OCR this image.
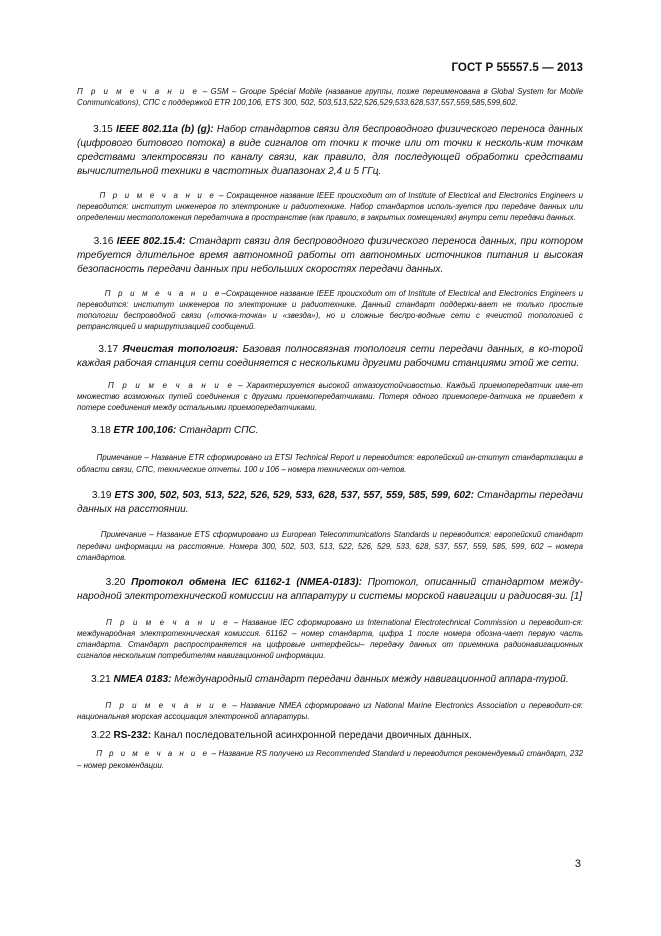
ГОСТ Р 55557.5 — 2013

П р и м е ч а н и е – GSM – Groupe Spécial Mobile (название группы, позже переименована в Global System for Mobile Communications), СПС с поддержкой ETR 100,106, ETS 300, 502, 503,513,522,526,529,533,628,537,557,559,585,599,602.

3.15 IEEE 802.11a (b) (g): Набор стандартов связи для беспроводного физического переноса данных (цифрового битового потока) в виде сигналов от точки к точке или от точки к несколь-ким точкам средствами электросвязи по каналу связи, как правило, для последующей обработки средствами вычислительной техники в частотных диапазонах 2,4 и 5 ГГц.

П р и м е ч а н и е – Сокращенное название IEEE происходит от of Institute of Electrical and Electronics Engineers и переводится: институт инженеров по электронике и радиотехнике. Набор стандартов исполь-зуется при передаче данных или определении местоположения передатчика в пространстве (как правило, в закрытых помещениях) внутри сети передачи данных.

3.16 IEEE 802.15.4: Стандарт связи для беспроводного физического переноса данных, при котором требуется длительное время автономной работы от автономных источников питания и высокая безопасность передачи данных при небольших скоростях передачи данных.

П р и м е ч а н и е–Сокращенное название IEEE происходит от of Institute of Electrical and Electronics Engineers и переводится: институт инженеров по электронике и радиотехнике. Данный стандарт поддержи-вает не только простые топологии беспроводной связи («точка-точка» и «звезда»), но и сложные беспро-водные сети с ячеистой топологией с ретрансляцией и маршрутизацией сообщений.

3.17 Ячеистая топология: Базовая полносвязная топология сети передачи данных, в ко-торой каждая рабочая станция сети соединяется с несколькими другими рабочими станциями этой же сети.

П р и м е ч а н и е – Характеризуется высокой отказоустойчивостью. Каждый приемопередатчик име-ет множество возможных путей соединения с другими приемопередатчиками. Потеря одного приемопере-датчика не приведет к потере соединения между остальными приемопередатчиками.

3.18 ETR 100,106: Стандарт СПС.

Примечание – Название ETR сформировано из ETSI Technical Report и переводится: европейский ин-ститут стандартизации в области связи, СПС, технические отчеты. 100 и 106 – номера технических от-четов.

3.19 ETS 300, 502, 503, 513, 522, 526, 529, 533, 628, 537, 557, 559, 585, 599, 602: Стандарты передачи данных на расстоянии.

Примечание – Название ETS сформировано из European Telecommunications Standards и переводится: европейский стандарт передачи информации на расстояние. Номера 300, 502, 503, 513, 522, 526, 529, 533, 628, 537, 557, 559, 585, 599, 602 – номера стандартов.

3.20 Протокол обмена IEC 61162-1 (NMEA-0183): Протокол, описанный стандартом между-народной электротехнической комиссии на аппаратуру и системы морской навигации и радиосвя-зи. [1]

П р и м е ч а н и е – Название IEC сформировано из International Electrotechnical Commission и переводит-ся: международная электротехническая комиссия. 61162 – номер стандарта, цифра 1 после номера обозна-чает первую часть стандарта. Стандарт распространяется на цифровые интерфейсы– передачу данных от приемника радионавигационных сигналов нескольким потребителям навигационной информации.

3.21 NMEA 0183: Международный стандарт передачи данных между навигационной аппара-турой.

П р и м е ч а н и е – Название NMEA сформировано из National Marine Electronics Association и переводит-ся: национальная морская ассоциация электронной аппаратуры.

3.22 RS-232: Канал последовательной асинхронной передачи двоичных данных.

П р и м е ч а н и е – Название RS получено из Recommended Standard и переводится рекомендуемый стандарт, 232 – номер рекомендации.

3
